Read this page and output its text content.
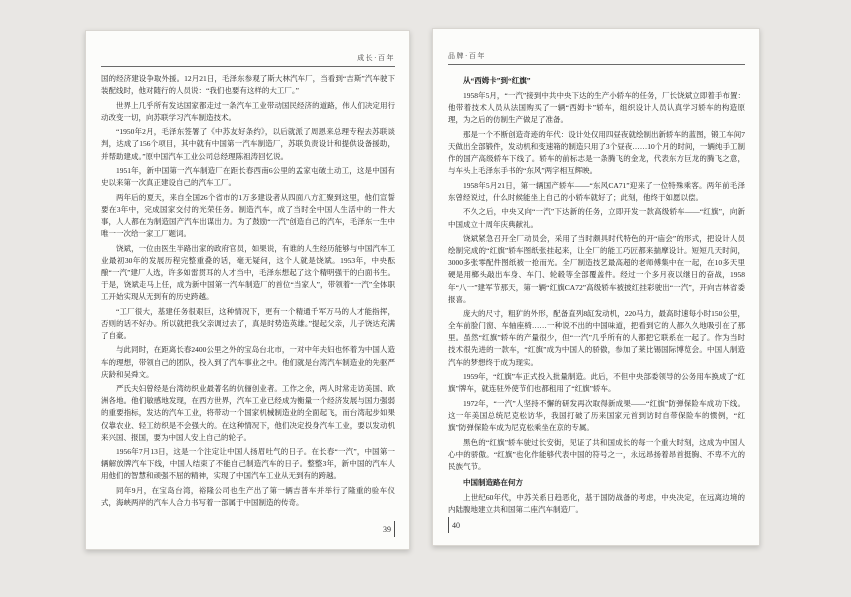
成长·百年
国的经济建设争取外援。12月21日，毛泽东参观了斯大林汽车厂，当看到“吉斯”汽车驶下装配线时，他对随行的人员说：“我们也要有这样的大工厂。”
世界上几乎所有发达国家都走过一条汽车工业带动国民经济的道路，伟人们决定用行动改变一切，向苏联学习汽车制造技术。
“1950年2月，毛泽东签署了《中苏友好条约》，以后就派了周恩来总理专程去苏联谈判，达成了156个项目，其中就有中国第一汽车制造厂，苏联负责设计和提供设备援助，并帮助建成。”原中国汽车工业公司总经理陈祖涛回忆说。
1951年，新中国第一汽车制造厂在距长春西南6公里的孟家屯破土动工，这是中国有史以来第一次真正建设自己的汽车工厂。
两年后的夏天，来自全国26个省市的1万多建设者从四面八方汇聚到这里，他们宣誓要在3年中，完成国家交付的光荣任务。制造汽车，成了当时全中国人生活中的一件大事，人人都在为制造国产汽车出谋出力。为了鼓励“一汽”创造自己的汽车，毛泽东一生中唯一一次给一家工厂题词。
饶斌，一位由医生半路出家的政府官员，如果说，有谁的人生经历能够与中国汽车工业最初30年的发展历程完整重叠的话，毫无疑问，这个人就是饶斌。1953年，中央酝酿“一汽”建厂人选，许多如雷贯耳的人才当中，毛泽东想起了这个精明强干的白面书生。于是，饶斌走马上任，成为新中国第一汽车制造厂的首位“当家人”，带领着“一汽”全体职工开始实现从无到有的历史跨越。
“工厂很大，基建任务很艰巨，这种情况下，更有一个精通千军万马的人才能指挥，否则的话不好办。所以就把我父亲调过去了，真是时势造英雄。”提起父亲，儿子饶达充满了自豪。
与此同时，在距离长春2400公里之外的宝岛台北市，一对中年夫妇也怀着为中国人造车的理想，带领自己的团队，投入到了汽车事业之中。他们就是台湾汽车制造业的先驱严庆龄和吴舜文。
严氏夫妇曾经是台湾纺织业最著名的伉俪创业者。工作之余，两人时常走访美国、欧洲各地。他们敏感地发现，在西方世界，汽车工业已经成为衡量一个经济发展与国力强弱的重要指标，发达的汽车工业，将带动一个国家机械制造业的全面起飞，而台湾起步如果仅靠农业、轻工纺织是不会强大的。在这种情况下，他们决定投身汽车工业，要以发动机来兴国、报国，要为中国人安上自己的轮子。
1956年7月13日，这是一个注定让中国人扬眉吐气的日子。在长春“一汽”，中国第一辆解放牌汽车下线，中国人结束了不能自己制造汽车的日子。整整3年，新中国的汽车人用他们的智慧和顽强不屈的精神，实现了中国汽车工业从无到有的跨越。
同年9月，在宝岛台湾，裕隆公司也生产出了第一辆吉普车并举行了隆重的验车仪式，海峡两岸的汽车人合力书写着一部属于中国制造的传奇。
39
品牌·百年
从“西姆卡”到“红旗”
1958年5月，“一汽”接到中共中央下达的生产小轿车的任务，厂长饶斌立即着手布置：他带着技术人员从法国购买了一辆“西姆卡”轿车，组织设计人员认真学习轿车的构造原理，为之后的仿制生产做足了准备。
那是一个不断创造奇迹的年代：设计处仅用四昼夜就绘制出新轿车的蓝图，锻工车间7天做出全部锻件，发动机和变速箱的制造只用了3个昼夜……10个月的时间，一辆纯手工制作的国产高级轿车下线了。轿车的前标志是一条腾飞的金龙，代表东方巨龙的腾飞之意，与车头上毛泽东手书的“东风”两字相互辉映。
1958年5月21日，第一辆国产轿车——“东风CA71”迎来了一位特殊乘客。两年前毛泽东曾经说过，什么时候能坐上自己的小轿车就好了；此刻，他终于如愿以偿。
不久之后，中央又向“一汽”下达新的任务，立即开发一款高级轿车——“红旗”，向新中国成立十周年庆典献礼。
饶斌紧急召开全厂动员会，采用了当时颇具时代特色的开“庙会”的形式，把设计人员绘制完成的“红旗”轿车图纸张挂起来，让全厂的能工巧匠都来揣摩设计。短短几天时间，3000多张零配件图纸被一抢而光。全厂制造技艺最高超的老师傅集中在一起，在10多天里硬是用榔头敲出车身、车门、轮毂等全部覆盖件。经过一个多月夜以继日的奋战，1958年“八一”建军节那天，第一辆“红旗CA72”高级轿车被披红挂彩驶出“一汽”，开向吉林省委报喜。
庞大的尺寸，粗犷的外形，配备直列8缸发动机，220马力，最高时速每小时150公里，全车前脸门窗、车轴座椅……一种说不出的中国味道，把看到它的人都久久地吸引在了那里。虽然“红旗”轿车的产量很少，但“一汽”几乎所有的人都把它联系在一起了。作为当时技术很先进的一款车，“红旗”成为中国人的骄傲，参加了莱比锡国际博览会。中国人制造汽车的梦想终于成为现实。
1959年，“红旗”车正式投入批量制造。此后，不但中央部委领导的公务用车换成了“红旗”牌车，就连驻外使节们也都租用了“红旗”轿车。
1972年，“一汽”人坚持不懈的研发再次取得新成果——“红旗”防弹保险车成功下线。这一年美国总统尼克松访华，我国打破了历来国家元首到访时自带保险车的惯例，“红旗”防弹保险车成为尼克松乘坐在京的专属。
黑色的“红旗”轿车驶过长安街，见证了共和国成长的每一个重大时刻，这成为中国人心中的骄傲。“红旗”也化作能够代表中国的符号之一，永远昂扬着昂首挺胸、不卑不亢的民族气节。
中国制造路在何方
上世纪60年代，中苏关系日趋恶化，基于国防战备的考虑，中央决定，在远离边境的内陆腹地建立共和国第二座汽车制造厂。
40
